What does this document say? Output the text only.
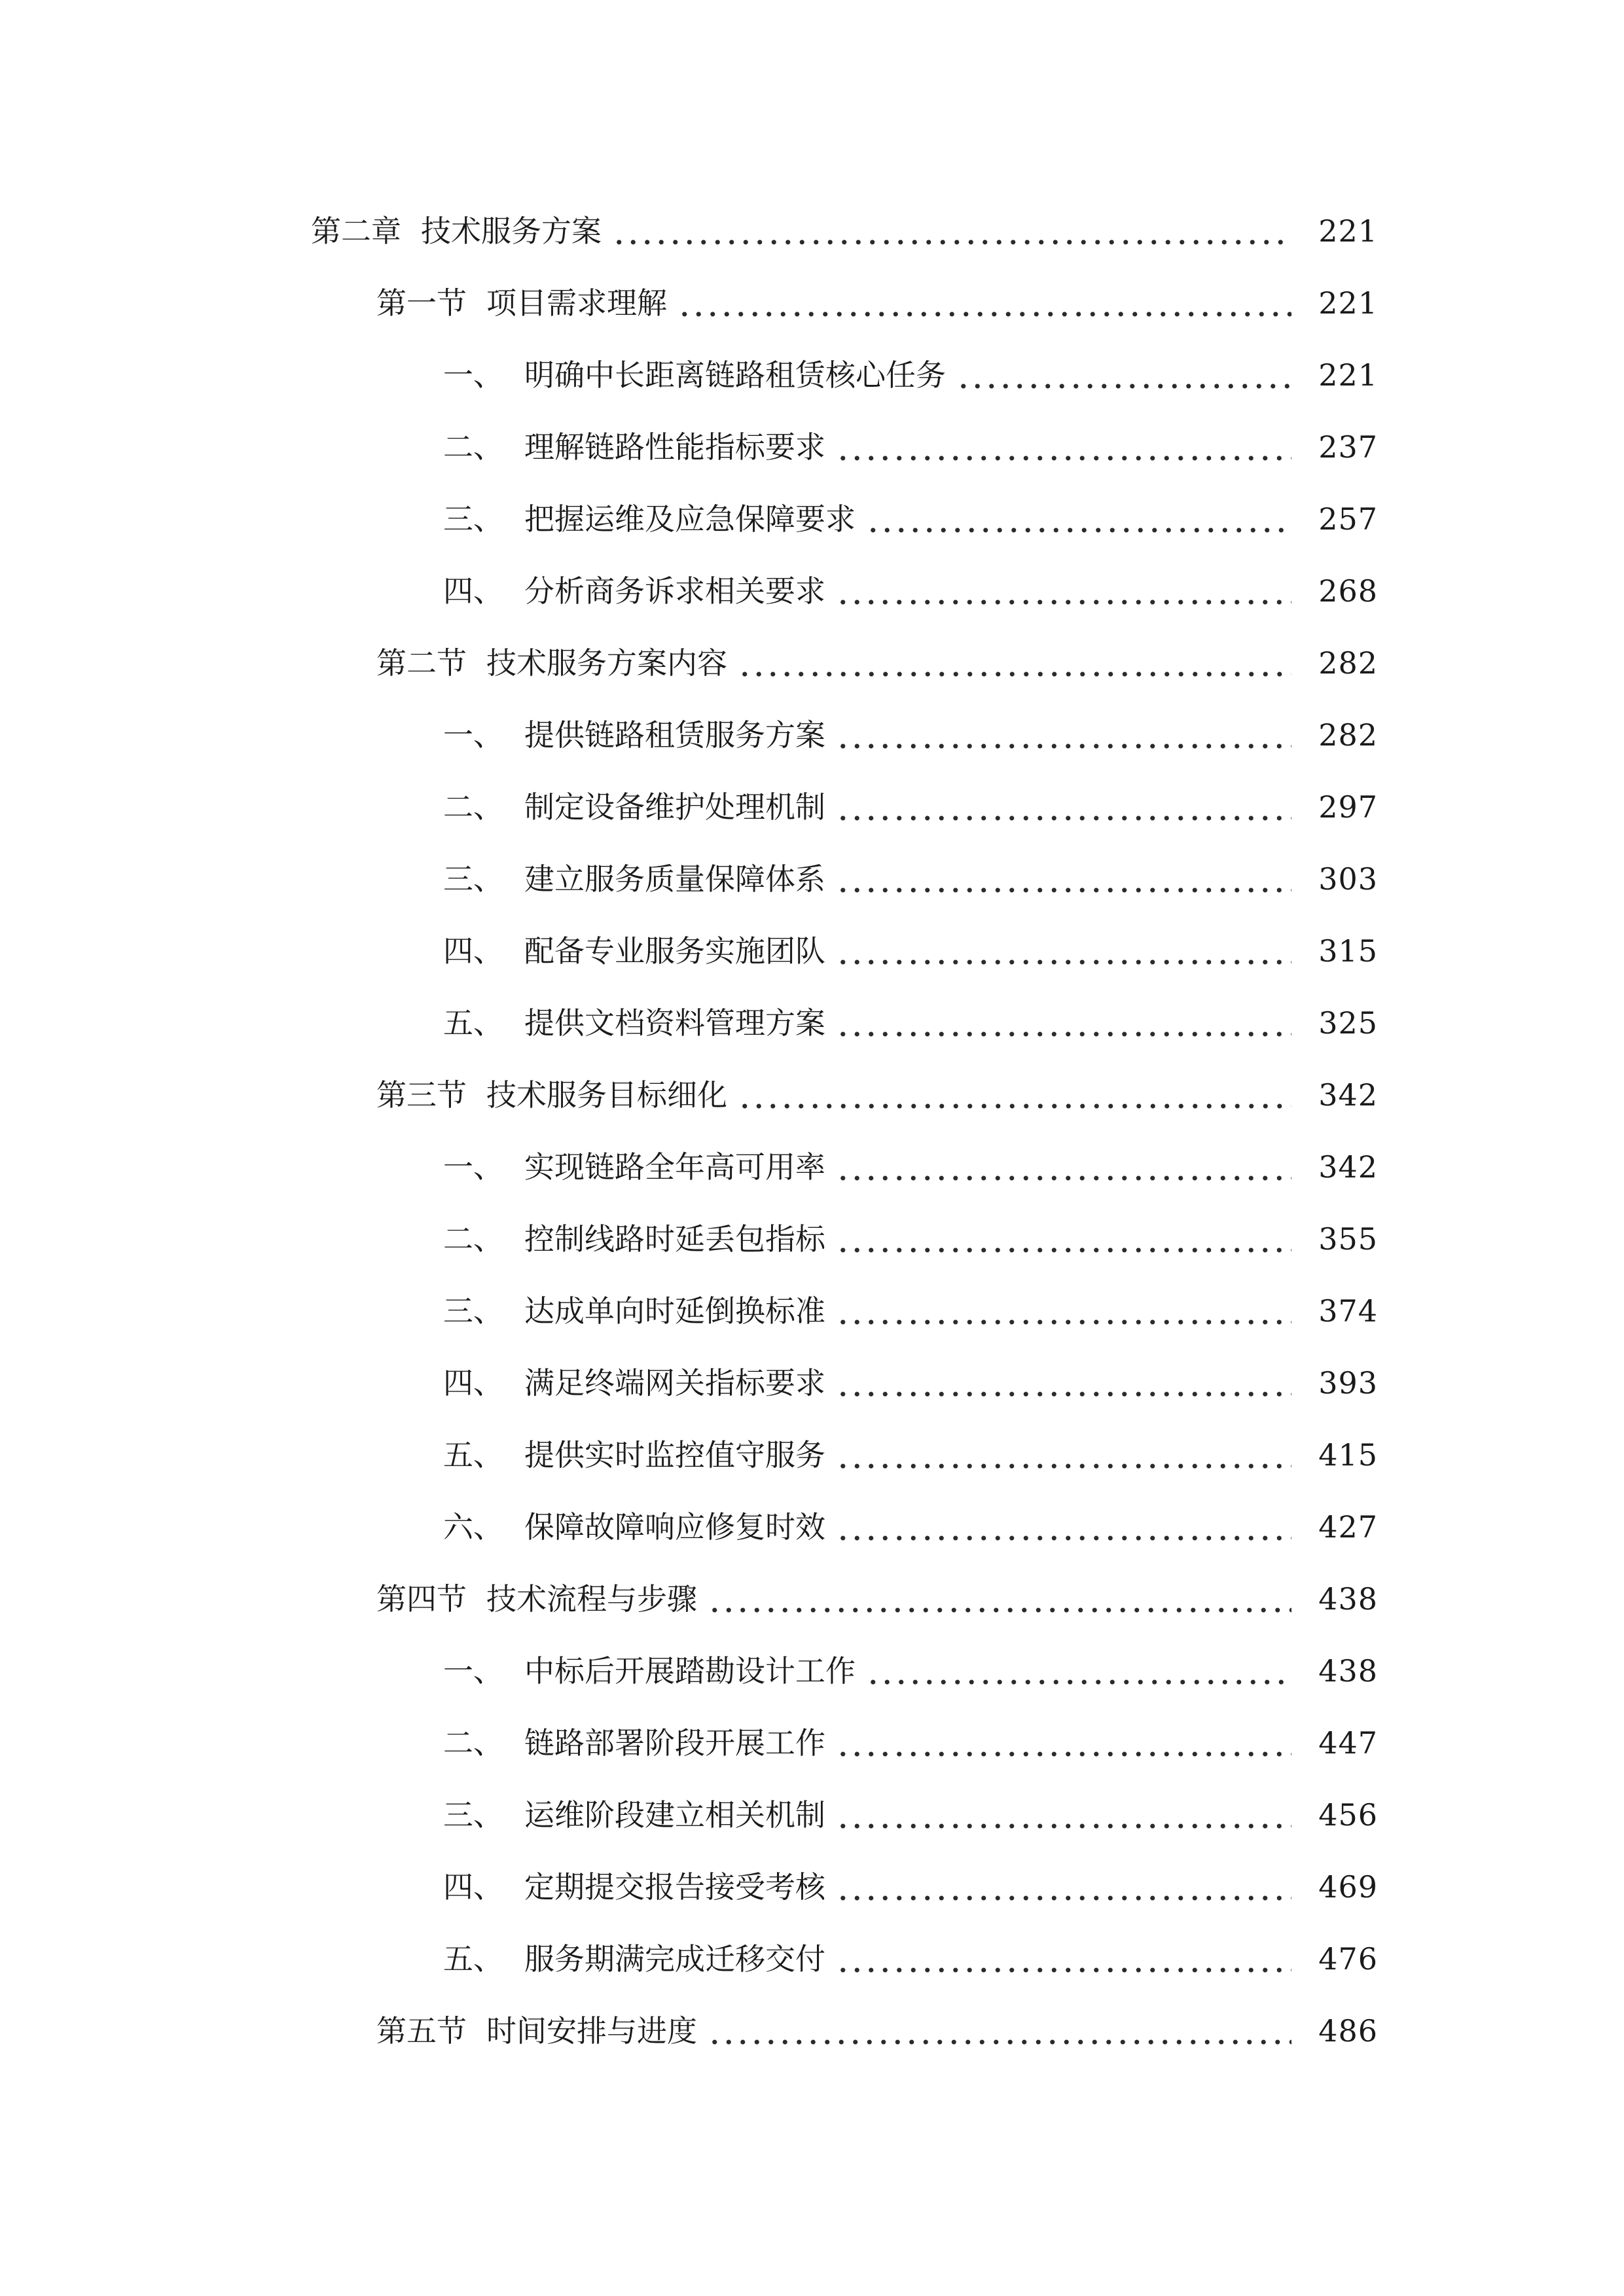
第二章 技术服务方案	221
第一节 项目需求理解	221
一、 明确中长距离链路租赁核心任务	221
二、 理解链路性能指标要求	237
三、 把握运维及应急保障要求	257
四、 分析商务诉求相关要求	268
第二节 技术服务方案内容	282
一、 提供链路租赁服务方案	282
二、 制定设备维护处理机制	297
三、 建立服务质量保障体系	303
四、 配备专业服务实施团队	315
五、 提供文档资料管理方案	325
第三节 技术服务目标细化	342
一、 实现链路全年高可用率	342
二、 控制线路时延丢包指标	355
三、 达成单向时延倒换标准	374
四、 满足终端网关指标要求	393
五、 提供实时监控值守服务	415
六、 保障故障响应修复时效	427
第四节 技术流程与步骤	438
一、 中标后开展踏勘设计工作	438
二、 链路部署阶段开展工作	447
三、 运维阶段建立相关机制	456
四、 定期提交报告接受考核	469
五、 服务期满完成迁移交付	476
第五节 时间安排与进度	486
